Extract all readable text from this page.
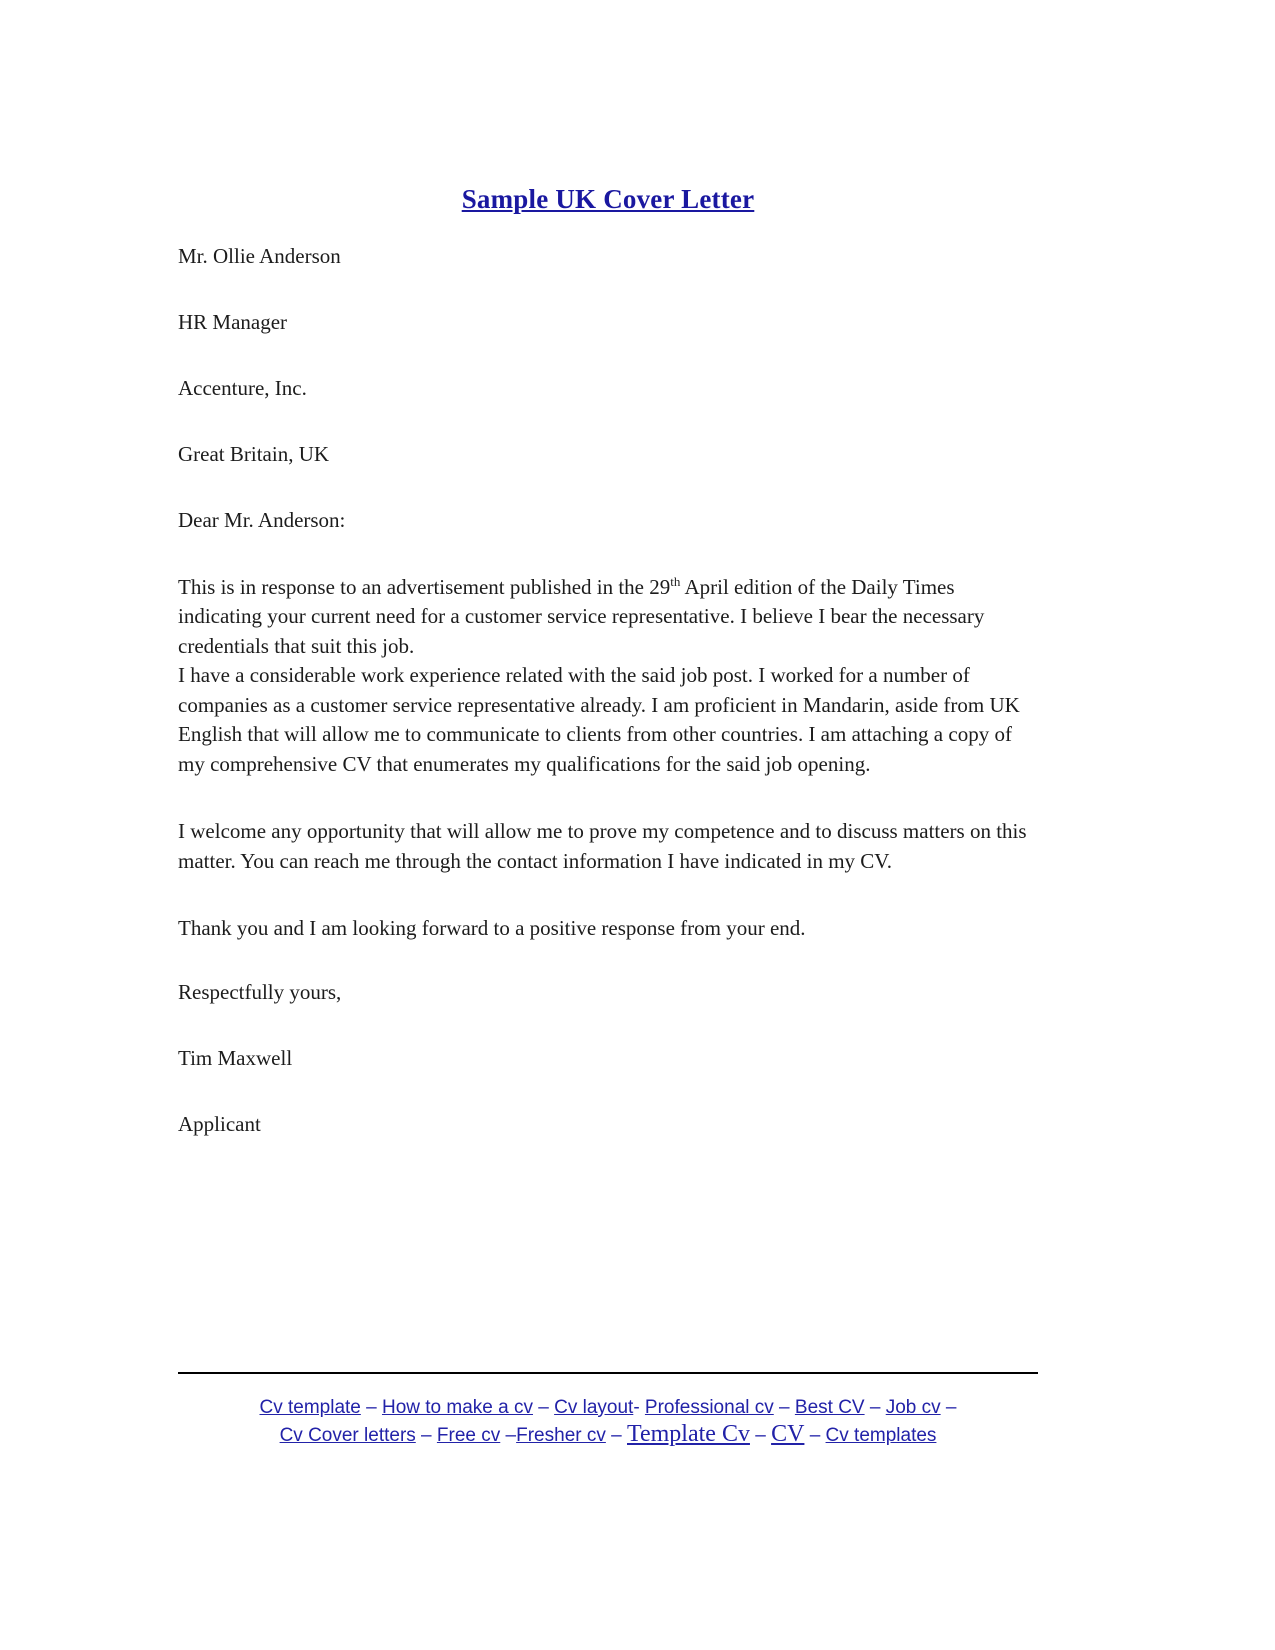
Sample UK Cover Letter

Mr. Ollie Anderson

HR Manager

Accenture, Inc.

Great Britain, UK

Dear Mr. Anderson:

This is in response to an advertisement published in the 29th April edition of the Daily Times indicating your current need for a customer service representative. I believe I bear the necessary credentials that suit this job.

I have a considerable work experience related with the said job post. I worked for a number of companies as a customer service representative already. I am proficient in Mandarin, aside from UK English that will allow me to communicate to clients from other countries. I am attaching a copy of my comprehensive CV that enumerates my qualifications for the said job opening.

I welcome any opportunity that will allow me to prove my competence and to discuss matters on this matter. You can reach me through the contact information I have indicated in my CV.

Thank you and I am looking forward to a positive response from your end.

Respectfully yours,

Tim Maxwell

Applicant

Cv template – How to make a cv – Cv layout- Professional cv – Best CV – Job cv –
Cv Cover letters – Free cv –Fresher cv – Template Cv – CV – Cv templates
